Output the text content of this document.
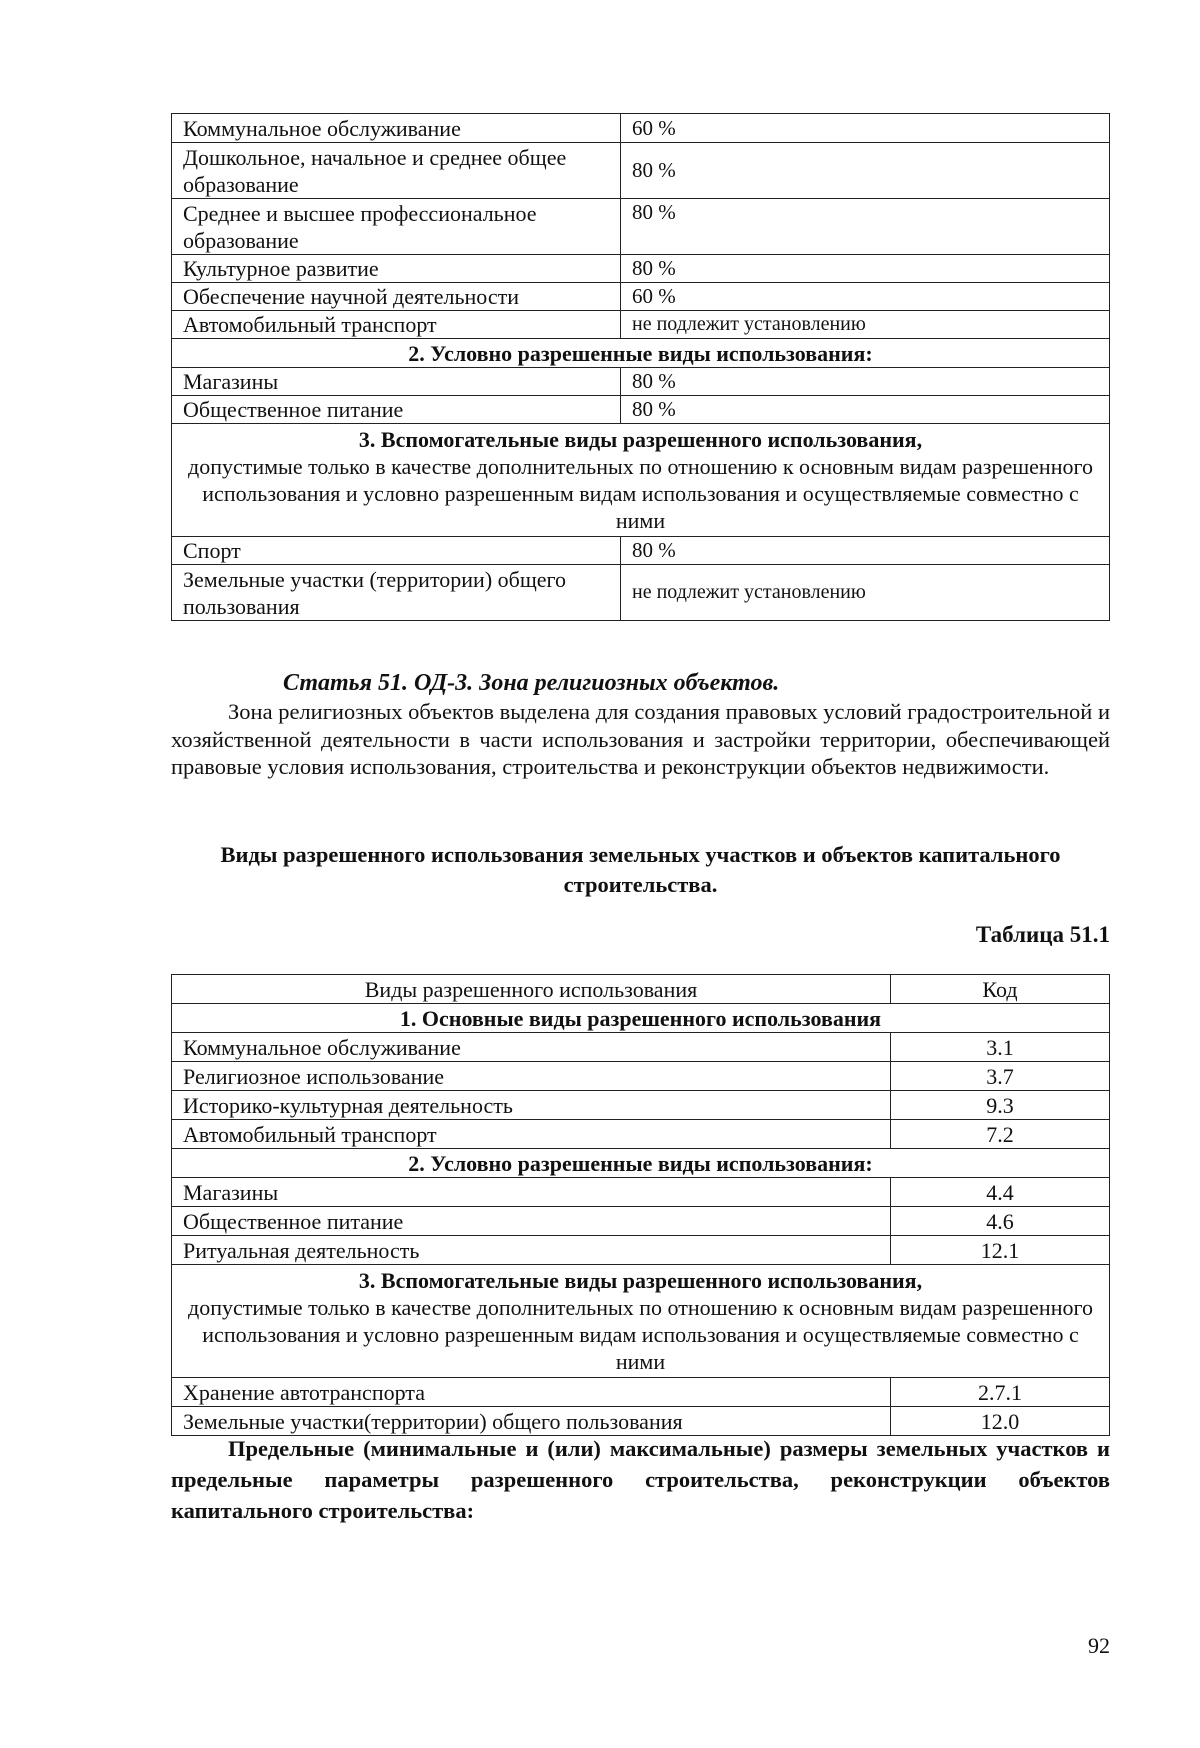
Коммунальное обслуживание	60 %
Дошкольное, начальное и среднее общее образование	80 %
Среднее и высшее профессиональное образование	80 %
Культурное развитие	80 %
Обеспечение научной деятельности	60 %
Автомобильный транспорт	не подлежит установлению
2. Условно разрешенные виды использования:	
Магазины	80 %
Общественное питание	80 %

3. Вспомогательные виды разрешенного использования,
допустимые только в качестве дополнительных по отношению к основным видам разрешенного использования и условно разрешенным видам использования и осуществляемые совместно с ними	

Спорт	80 %
Земельные участки (территории) общего пользования	не подлежит установлению
Статья 51. ОД-3. Зона религиозных объектов.
Зона религиозных объектов выделена для создания правовых условий градостроительной и хозяйственной деятельности в части использования и застройки территории, обеспечивающей правовые условия использования, строительства и реконструкции объектов недвижимости.
Виды разрешенного использования земельных участков и объектов капитального строительства.
Таблица 51.1
Виды разрешенного использования	Код
1. Основные виды разрешенного использования	
Коммунальное обслуживание	3.1
Религиозное использование	3.7
Историко-культурная деятельность	9.3
Автомобильный транспорт	7.2
2. Условно разрешенные виды использования:	
Магазины	4.4
Общественное питание	4.6
Ритуальная деятельность	12.1

3. Вспомогательные виды разрешенного использования,
допустимые только в качестве дополнительных по отношению к основным видам разрешенного использования и условно разрешенным видам использования и осуществляемые совместно с ними	

Хранение автотранспорта	2.7.1
Земельные участки(территории) общего пользования	12.0
Предельные (минимальные и (или) максимальные) размеры земельных участков и предельные параметры разрешенного строительства, реконструкции объектов капитального строительства:
92
